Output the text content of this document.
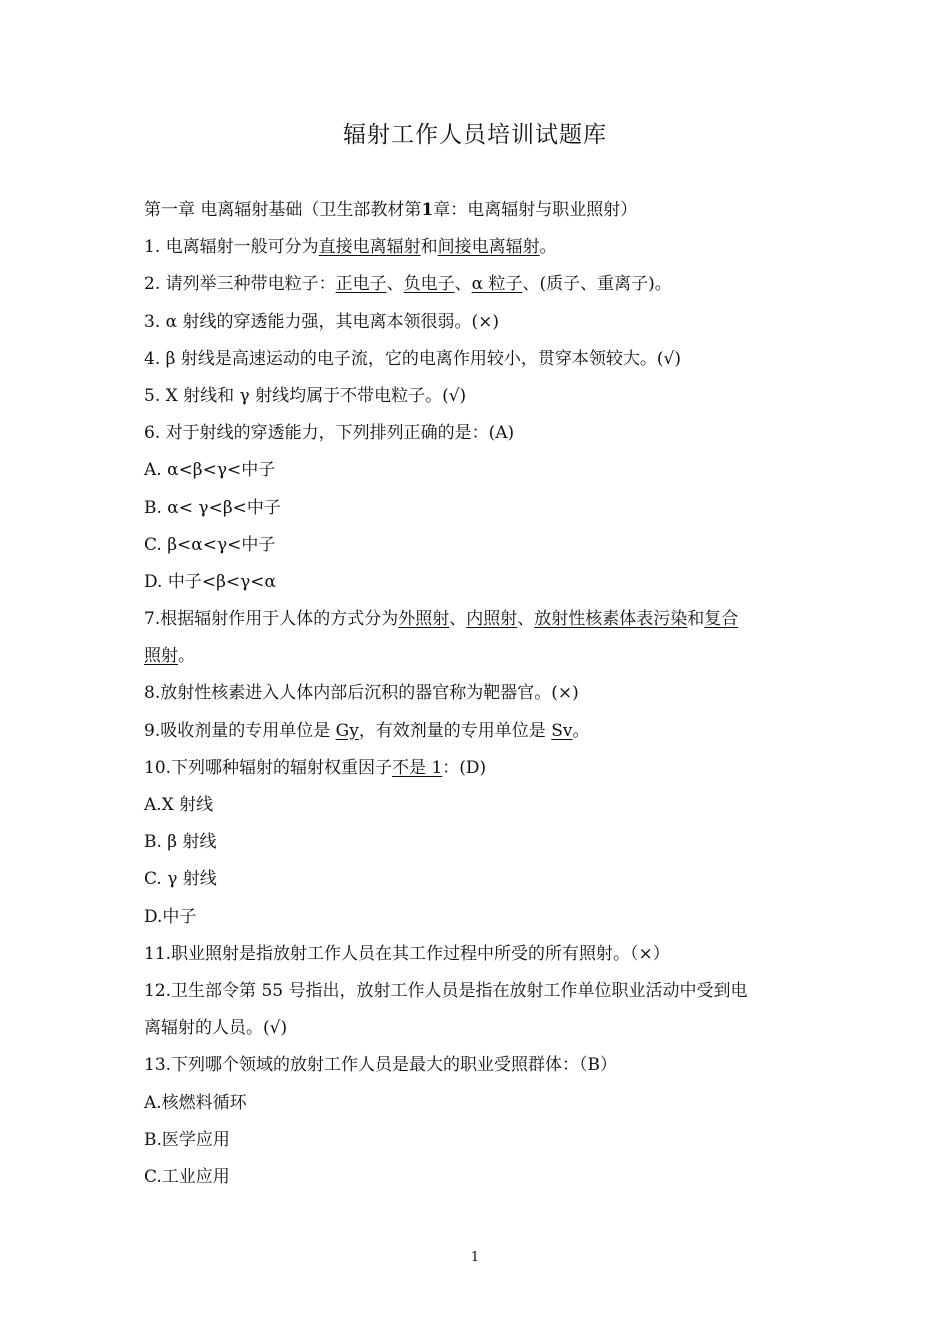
辐射工作人员培训试题库
第一章 电离辐射基础（卫生部教材第1章：电离辐射与职业照射）
1. 电离辐射一般可分为直接电离辐射和间接电离辐射。
2. 请列举三种带电粒子：正电子、负电子、α 粒子、(质子、重离子)。
3. α 射线的穿透能力强，其电离本领很弱。(×)
4. β 射线是高速运动的电子流，它的电离作用较小，贯穿本领较大。(√)
5. X 射线和 γ 射线均属于不带电粒子。(√)
6. 对于射线的穿透能力，下列排列正确的是：(A)
A. α<β<γ<中子
B. α< γ<β<中子
C. β<α<γ<中子
D. 中子<β<γ<α
7.根据辐射作用于人体的方式分为外照射、内照射、放射性核素体表污染和复合
照射。
8.放射性核素进入人体内部后沉积的器官称为靶器官。(×)
9.吸收剂量的专用单位是 Gy，有效剂量的专用单位是 Sv。
10.下列哪种辐射的辐射权重因子不是 1：(D)
A.X 射线
B. β 射线
C. γ 射线
D.中子
11.职业照射是指放射工作人员在其工作过程中所受的所有照射。（×）
12.卫生部令第 55 号指出，放射工作人员是指在放射工作单位职业活动中受到电
离辐射的人员。(√)
13.下列哪个领域的放射工作人员是最大的职业受照群体：（B）
A.核燃料循环
B.医学应用
C.工业应用
1
